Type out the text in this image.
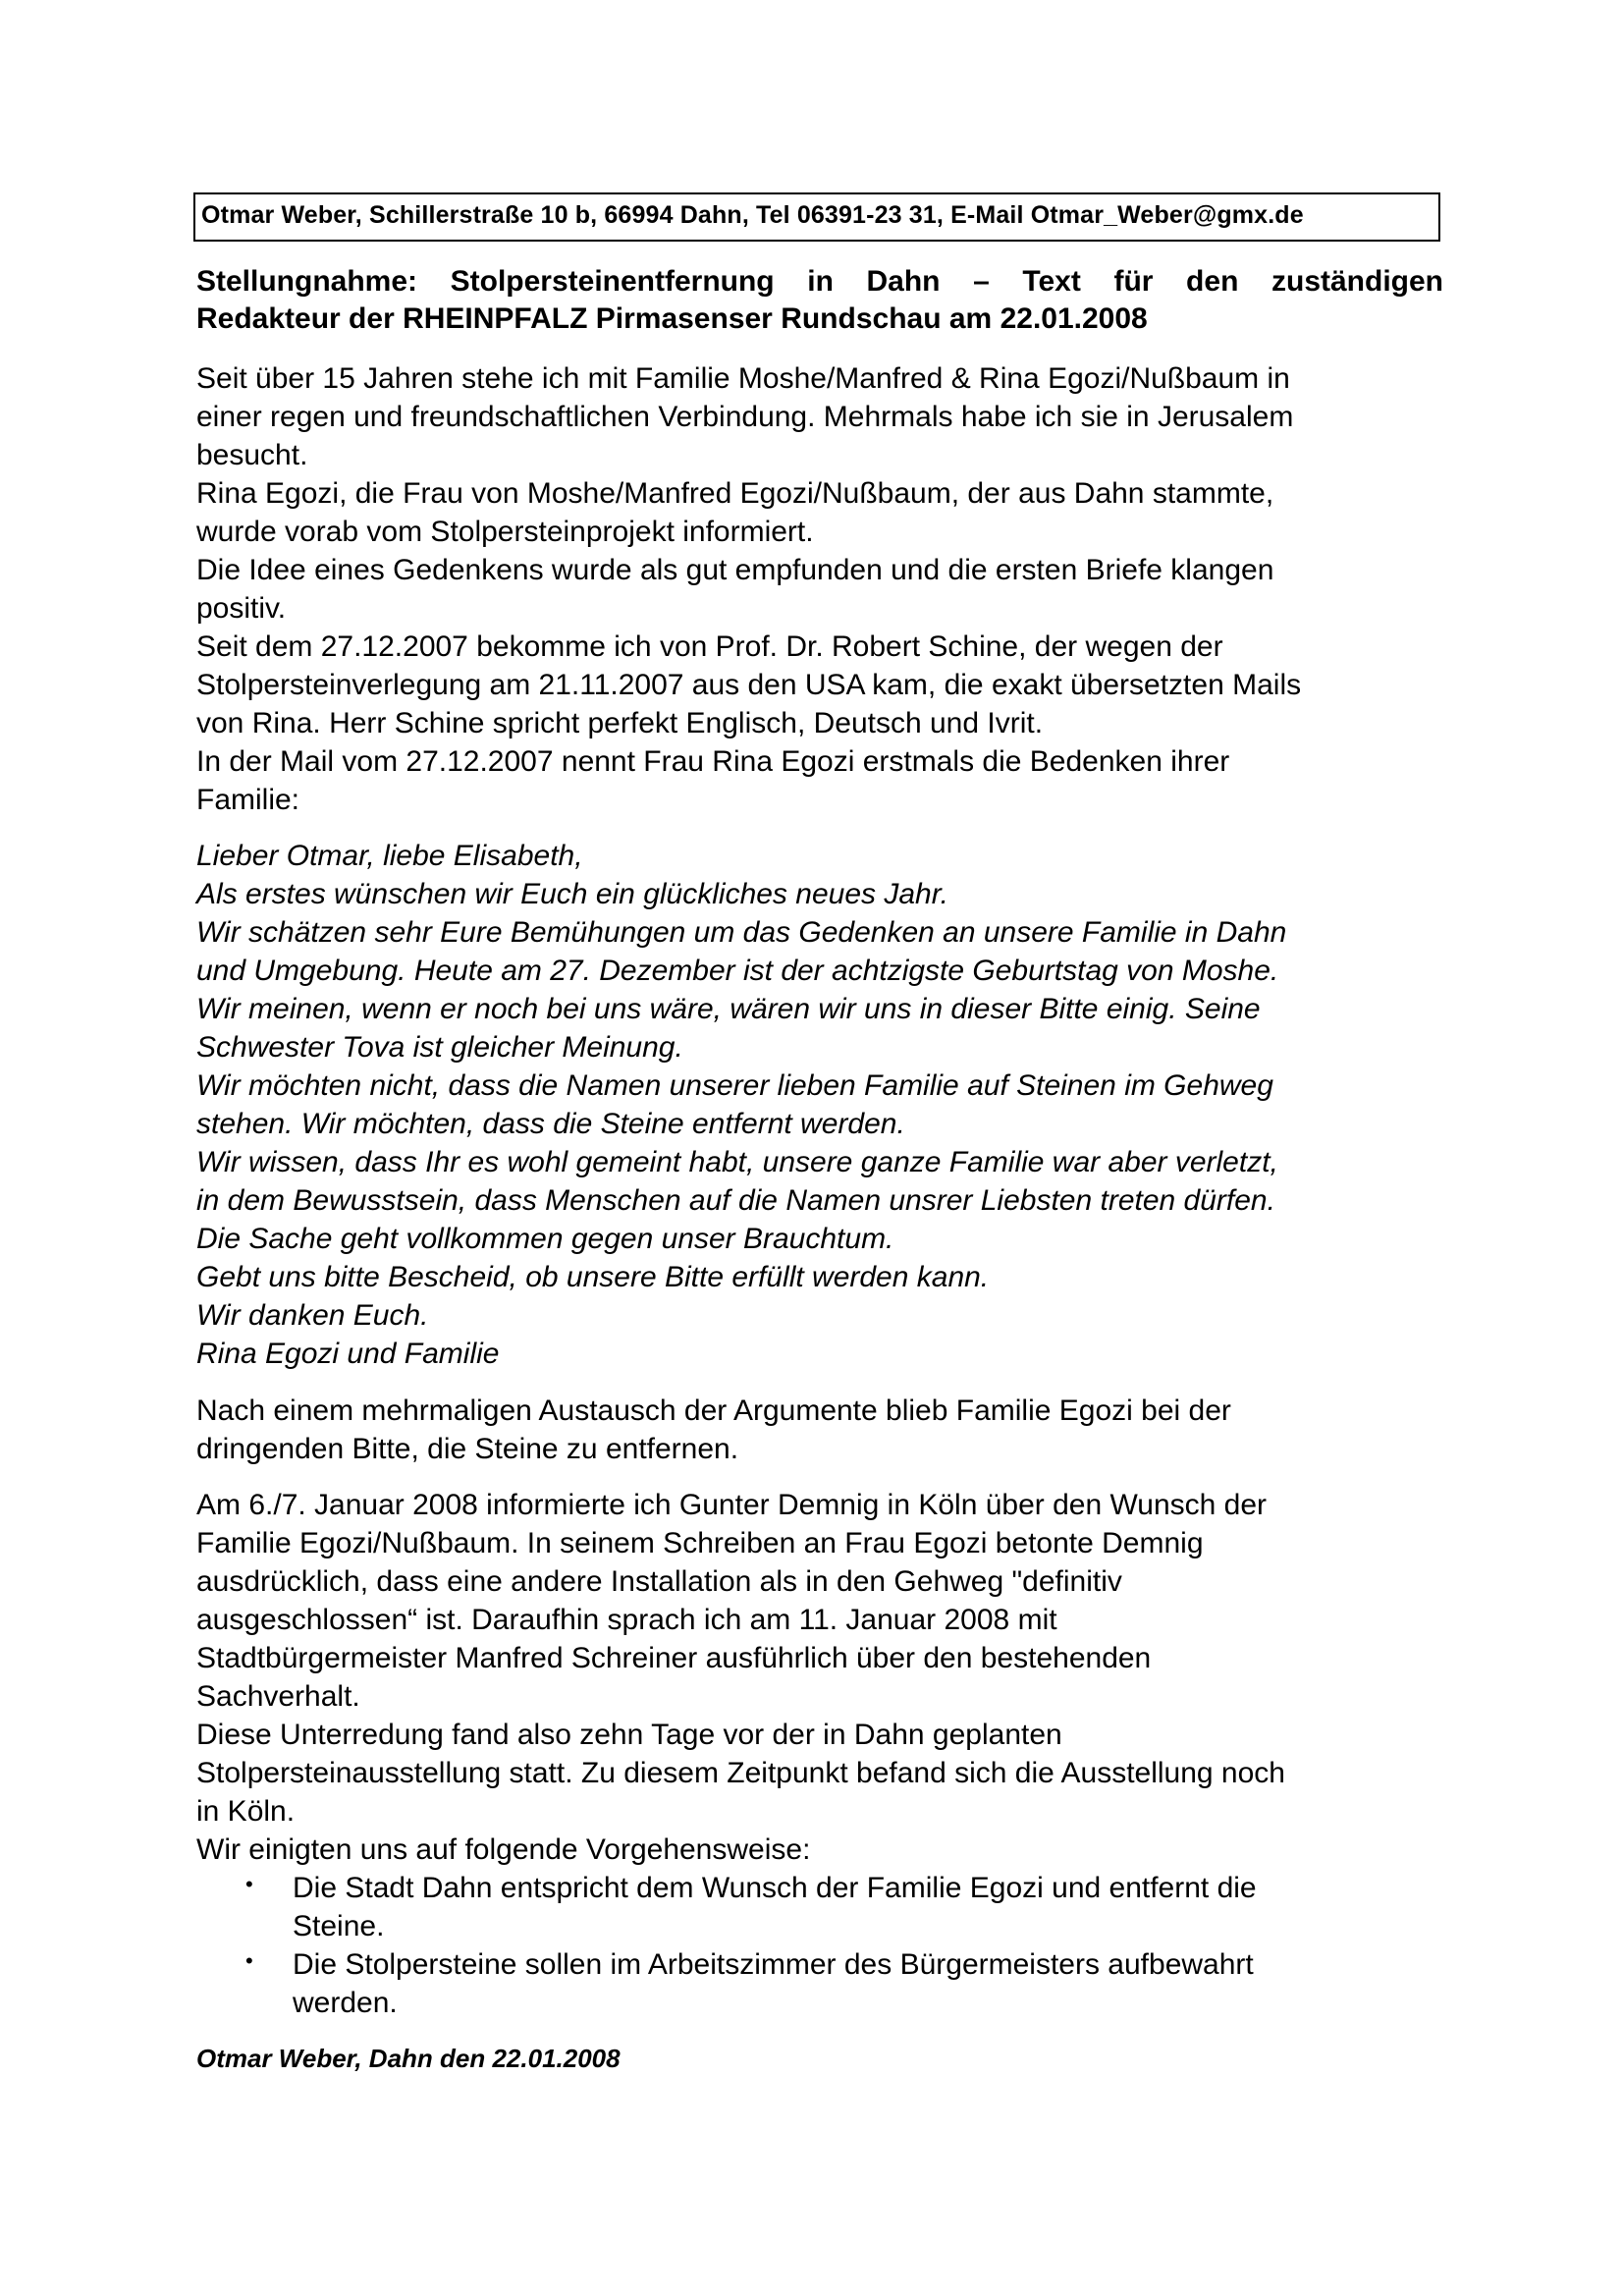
Otmar Weber, Schillerstraße 10 b, 66994 Dahn, Tel 06391-23 31, E-Mail Otmar_Weber@gmx.de
Stellungnahme: Stolpersteinentfernung in Dahn – Text für den zuständigen
Redakteur der RHEINPFALZ Pirmasenser Rundschau am 22.01.2008
Seit über 15 Jahren stehe ich mit Familie Moshe/Manfred & Rina Egozi/Nußbaum in
einer regen und freundschaftlichen Verbindung. Mehrmals habe ich sie in Jerusalem
besucht.
Rina Egozi, die Frau von Moshe/Manfred Egozi/Nußbaum, der aus Dahn stammte,
wurde vorab vom Stolpersteinprojekt informiert.
Die Idee eines Gedenkens wurde als gut empfunden und die ersten Briefe klangen
positiv.
Seit dem 27.12.2007 bekomme ich von Prof. Dr. Robert Schine, der wegen der
Stolpersteinverlegung am 21.11.2007 aus den USA kam, die exakt übersetzten Mails
von Rina. Herr Schine spricht perfekt Englisch, Deutsch und Ivrit.
In der Mail vom 27.12.2007 nennt Frau Rina Egozi erstmals die Bedenken ihrer
Familie:
Lieber Otmar, liebe Elisabeth,
Als erstes wünschen wir Euch ein glückliches neues Jahr.
Wir schätzen sehr Eure Bemühungen um das Gedenken an unsere Familie in Dahn
und Umgebung. Heute am 27. Dezember ist der achtzigste Geburtstag von Moshe.
Wir meinen, wenn er noch bei uns wäre, wären wir uns in dieser Bitte einig. Seine
Schwester Tova ist gleicher Meinung.
Wir möchten nicht, dass die Namen unserer lieben Familie auf Steinen im Gehweg
stehen. Wir möchten, dass die Steine entfernt werden.
Wir wissen, dass Ihr es wohl gemeint habt, unsere ganze Familie war aber verletzt,
in dem Bewusstsein, dass Menschen auf die Namen unsrer Liebsten treten dürfen.
Die Sache geht vollkommen gegen unser Brauchtum.
Gebt uns bitte Bescheid, ob unsere Bitte erfüllt werden kann.
Wir danken Euch.
Rina Egozi und Familie
Nach einem mehrmaligen Austausch der Argumente blieb Familie Egozi bei der
dringenden Bitte, die Steine zu entfernen.
Am 6./7. Januar 2008 informierte ich Gunter Demnig in Köln über den Wunsch der
Familie Egozi/Nußbaum. In seinem Schreiben an Frau Egozi betonte Demnig
ausdrücklich, dass eine andere Installation als in den Gehweg "definitiv
ausgeschlossen“ ist. Daraufhin sprach ich am 11. Januar 2008 mit
Stadtbürgermeister Manfred Schreiner ausführlich über den bestehenden
Sachverhalt.
Diese Unterredung fand also zehn Tage vor der in Dahn geplanten
Stolpersteinausstellung statt. Zu diesem Zeitpunkt befand sich die Ausstellung noch
in Köln.
Wir einigten uns auf folgende Vorgehensweise:
• Die Stadt Dahn entspricht dem Wunsch der Familie Egozi und entfernt die
Steine.
• Die Stolpersteine sollen im Arbeitszimmer des Bürgermeisters aufbewahrt
werden.
Otmar Weber, Dahn den 22.01.2008
